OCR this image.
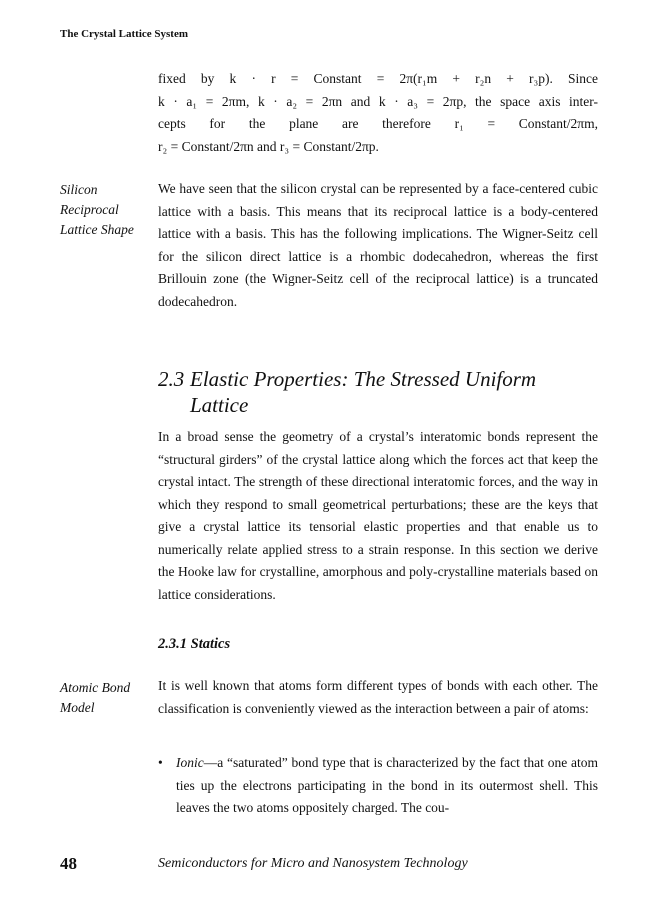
The Crystal Lattice System

fixed by k · r = Constant = 2π(r₁m + r₂n + r₃p). Since

k · a₁ = 2πm, k · a₂ = 2πn and k · a₃ = 2πp, the space axis inter-

cepts for the plane are therefore r₁ = Constant/2πm,

r₂ = Constant/2πn and r₃ = Constant/2πp.

Silicon Reciprocal Lattice Shape

We have seen that the silicon crystal can be represented by a face-centered cubic lattice with a basis. This means that its reciprocal lattice is a body-centered lattice with a basis. This has the following implications. The Wigner-Seitz cell for the silicon direct lattice is a rhombic dodecahedron, whereas the first Brillouin zone (the Wigner-Seitz cell of the reciprocal lattice) is a truncated dodecahedron.

2.3 Elastic Properties: The Stressed Uniform
Lattice

In a broad sense the geometry of a crystal’s interatomic bonds represent the “structural girders” of the crystal lattice along which the forces act that keep the crystal intact. The strength of these directional interatomic forces, and the way in which they respond to small geometrical perturbations; these are the keys that give a crystal lattice its tensorial elastic properties and that enable us to numerically relate applied stress to a strain response. In this section we derive the Hooke law for crystalline, amorphous and poly-crystalline materials based on lattice considerations.

2.3.1 Statics
Atomic Bond Model

It is well known that atoms form different types of bonds with each other. The classification is conveniently viewed as the interaction between a pair of atoms:

• Ionic—a “saturated” bond type that is characterized by the fact that one atom ties up the electrons participating in the bond in its outermost shell. This leaves the two atoms oppositely charged. The cou-
48	Semiconductors for Micro and Nanosystem Technology
